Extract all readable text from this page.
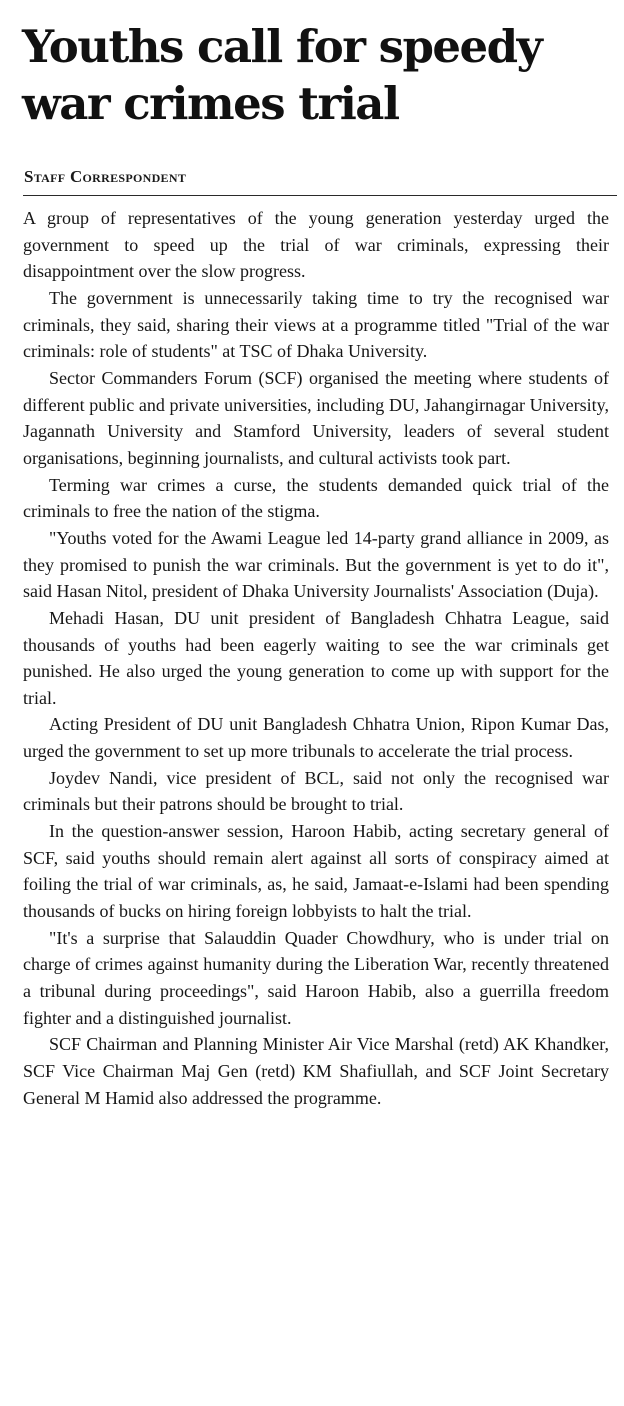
Youths call for speedy
war crimes trial
Staff Correspondent

A group of representatives of the young generation yesterday urged the government to speed up the trial of war criminals, expressing their disappointment over the slow progress.

The government is unnecessarily taking time to try the recognised war criminals, they said, sharing their views at a programme titled "Trial of the war criminals: role of students" at TSC of Dhaka University.

Sector Commanders Forum (SCF) organised the meeting where students of different public and private universities, including DU, Jahangirnagar University, Jagannath University and Stamford University, leaders of several student organisations, beginning journalists, and cultural activists took part.

Terming war crimes a curse, the students demanded quick trial of the criminals to free the nation of the stigma.

"Youths voted for the Awami League led 14-party grand alliance in 2009, as they promised to punish the war criminals. But the government is yet to do it", said Hasan Nitol, president of Dhaka University Journalists' Association (Duja).

Mehadi Hasan, DU unit president of Bangladesh Chhatra League, said thousands of youths had been eagerly waiting to see the war criminals get punished. He also urged the young generation to come up with support for the trial.

Acting President of DU unit Bangladesh Chhatra Union, Ripon Kumar Das, urged the government to set up more tribunals to accelerate the trial process.

Joydev Nandi, vice president of BCL, said not only the recognised war criminals but their patrons should be brought to trial.

In the question-answer session, Haroon Habib, acting secretary general of SCF, said youths should remain alert against all sorts of conspiracy aimed at foiling the trial of war criminals, as, he said, Jamaat-e-Islami had been spending thousands of bucks on hiring foreign lobbyists to halt the trial.

"It's a surprise that Salauddin Quader Chowdhury, who is under trial on charge of crimes against humanity during the Liberation War, recently threatened a tribunal during proceedings", said Haroon Habib, also a guerrilla freedom fighter and a distinguished journalist.

SCF Chairman and Planning Minister Air Vice Marshal (retd) AK Khandker, SCF Vice Chairman Maj Gen (retd) KM Shafiullah, and SCF Joint Secretary General M Hamid also addressed the programme.
